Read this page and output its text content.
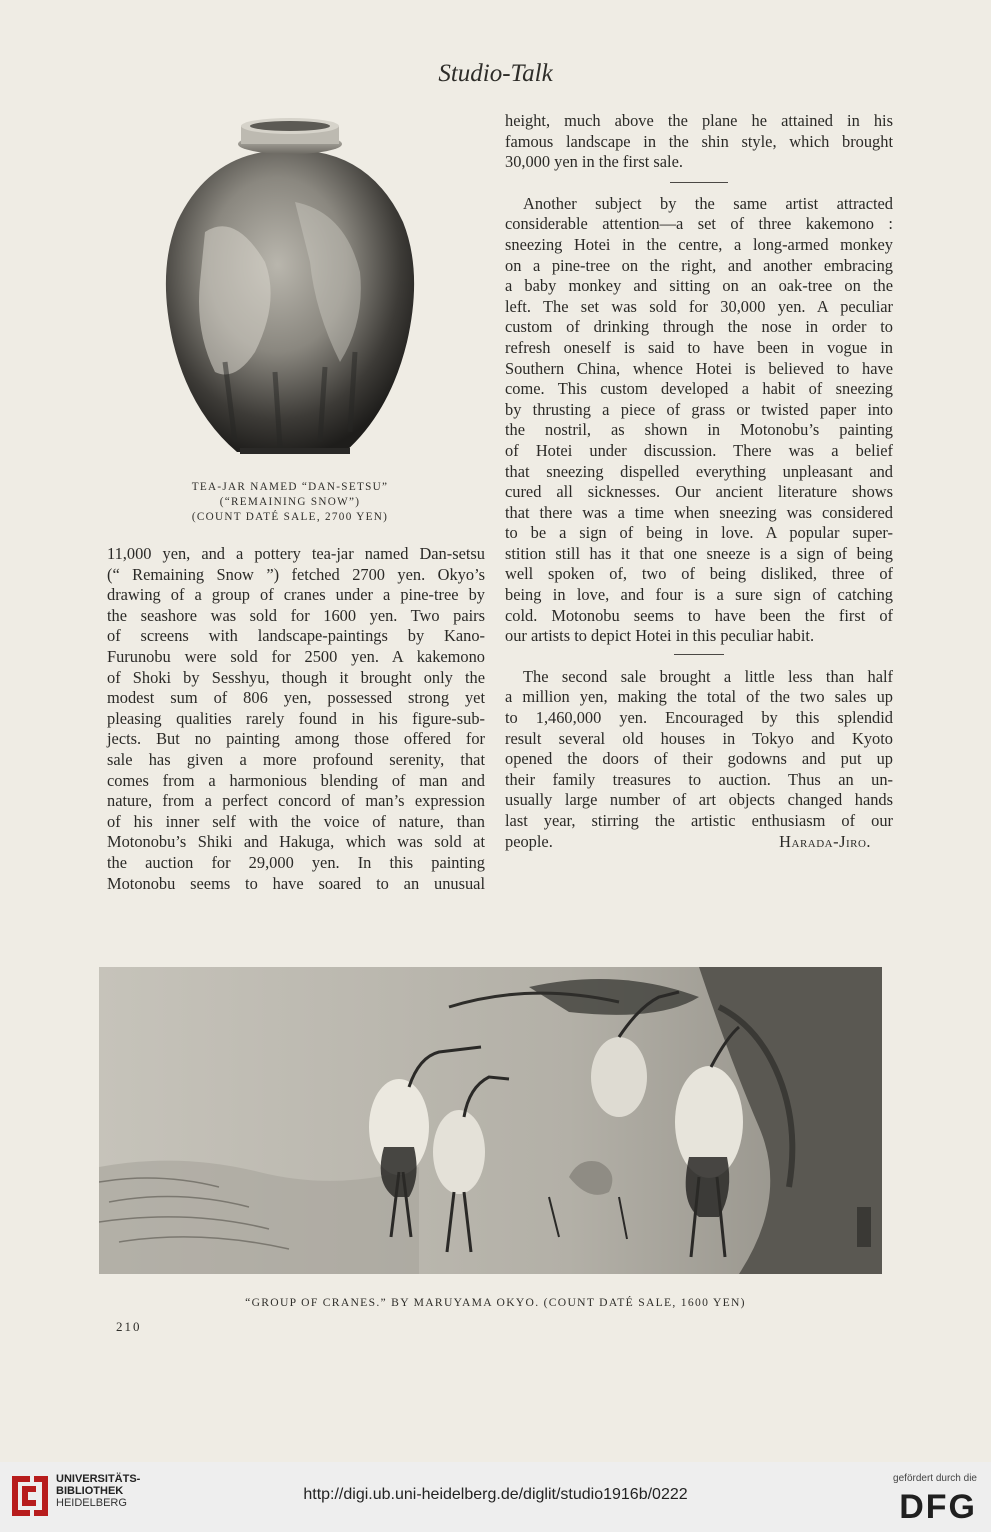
Studio-Talk
TEA-JAR NAMED “DAN-SETSU”
(“REMAINING SNOW”)
(COUNT DATÉ SALE, 2700 YEN)
11,000 yen, and a pottery tea-jar named Dan-setsu
(“ Remaining Snow ”) fetched 2700 yen. Okyo’s
drawing of a group of cranes under a pine-tree by
the seashore was sold for 1600 yen. Two pairs
of screens with landscape-paintings by Kano-
Furunobu were sold for 2500 yen. A kakemono
of Shoki by Sesshyu, though it brought only the
modest sum of 806 yen, possessed strong yet
pleasing qualities rarely found in his figure-sub-
jects. But no painting among those offered for
sale has given a more profound serenity, that
comes from a harmonious blending of man and
nature, from a perfect concord of man’s expression
of his inner self with the voice of nature, than
Motonobu’s Shiki and Hakuga, which was sold at
the auction for 29,000 yen. In this painting
Motonobu seems to have soared to an unusual
height, much above the plane he attained in his
famous landscape in the shin style, which brought
30,000 yen in the first sale.
Another subject by the same artist attracted
considerable attention—a set of three kakemono :
sneezing Hotei in the centre, a long-armed monkey
on a pine-tree on the right, and another embracing
a baby monkey and sitting on an oak-tree on the
left. The set was sold for 30,000 yen. A peculiar
custom of drinking through the nose in order to
refresh oneself is said to have been in vogue in
Southern China, whence Hotei is believed to have
come. This custom developed a habit of sneezing
by thrusting a piece of grass or twisted paper into
the nostril, as shown in Motonobu’s painting
of Hotei under discussion. There was a belief
that sneezing dispelled everything unpleasant and
cured all sicknesses. Our ancient literature shows
that there was a time when sneezing was considered
to be a sign of being in love. A popular super-
stition still has it that one sneeze is a sign of being
well spoken of, two of being disliked, three of
being in love, and four is a sure sign of catching
cold. Motonobu seems to have been the first of
our artists to depict Hotei in this peculiar habit.
The second sale brought a little less than half
a million yen, making the total of the two sales up
to 1,460,000 yen. Encouraged by this splendid
result several old houses in Tokyo and Kyoto
opened the doors of their godowns and put up
their family treasures to auction. Thus an un-
usually large number of art objects changed hands
last year, stirring the artistic enthusiasm of our
people.	Harada-Jiro.
“GROUP OF CRANES.” BY MARUYAMA OKYO. (COUNT DATÉ SALE, 1600 YEN)
210
UNIVERSITÄTS-
BIBLIOTHEK
HEIDELBERG	http://digi.ub.uni-heidelberg.de/diglit/studio1916b/0222
gefördert durch die
DFG
